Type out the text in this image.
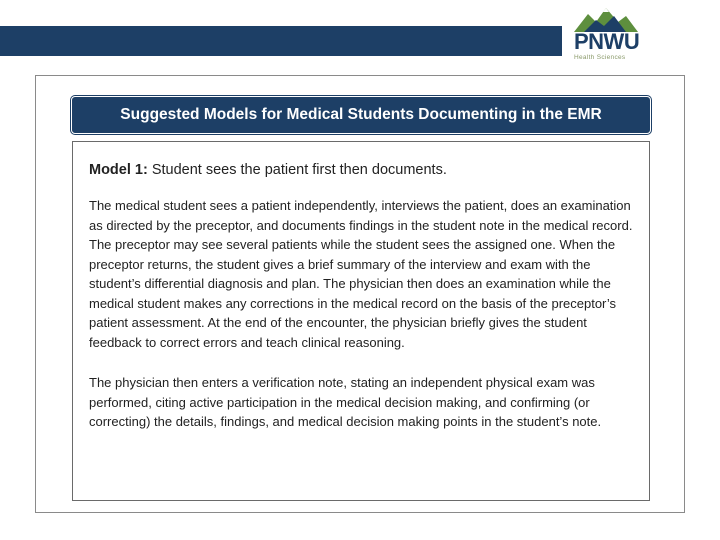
PNWU
Health Sciences
Suggested Models for Medical Students Documenting in the EMR

Model 1: Student sees the patient first then documents.

The medical student sees a patient independently, interviews the patient, does an examination as directed by the preceptor, and documents findings in the student note in the medical record. The preceptor may see several patients while the student sees the assigned one. When the preceptor returns, the student gives a brief summary of the interview and exam with the student’s differential diagnosis and plan. The physician then does an examination while the medical student makes any corrections in the medical record on the basis of the preceptor’s patient assessment. At the end of the encounter, the physician briefly gives the student feedback to correct errors and teach clinical reasoning.

The physician then enters a verification note, stating an independent physical exam was performed, citing active participation in the medical decision making, and confirming (or correcting) the details, findings, and medical decision making points in the student’s note.
